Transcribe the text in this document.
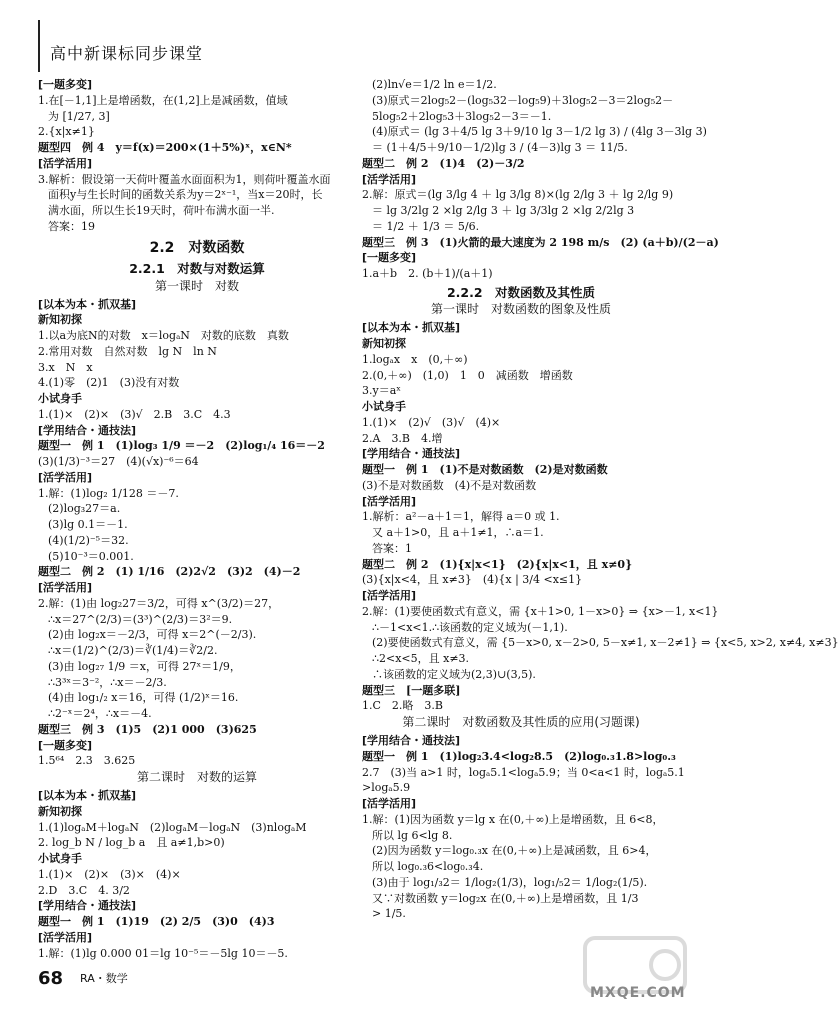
高中新课标同步课堂
[一题多变]
1.在[－1,1]上是增函数，在(1,2]上是减函数，值域
为 [1/27, 3]
2.{x|x≠1}
题型四　例 4　y＝f(x)＝200×(1＋5%)ˣ，x∈N*
[活学活用]
3.解析：假设第一天荷叶覆盖水面面积为1，则荷叶覆盖水面
面积y与生长时间的函数关系为y＝2ˣ⁻¹，当x＝20时，长
满水面，所以生长19天时，荷叶布满水面一半.
答案：19
2.2　对数函数
2.2.1　对数与对数运算
第一课时　对数
[以本为本・抓双基]
新知初探
1.以a为底N的对数　x＝logₐN　对数的底数　真数
2.常用对数　自然对数　lg N　ln N
3.x　N　x
4.(1)零　(2)1　(3)没有对数
小试身手
1.(1)×　(2)×　(3)√　2.B　3.C　4.3
[学用结合・通技法]
题型一　例 1　(1)log₃ 1/9 ＝－2　(2)log₁/₄ 16＝－2
(3)(1/3)⁻³＝27　(4)(√x)⁻⁶＝64
[活学活用]
1.解：(1)log₂ 1/128 ＝－7.
(2)log₃27＝a.
(3)lg 0.1＝－1.
(4)(1/2)⁻⁵＝32.
(5)10⁻³＝0.001.
题型二　例 2　(1) 1/16　(2)2√2　(3)2　(4)－2
[活学活用]
2.解：(1)由 log₂27＝3/2，可得 x^(3/2)＝27，
∴x＝27^(2/3)＝(3³)^(2/3)＝3²＝9.
(2)由 log₂x＝－2/3，可得 x＝2^(－2/3).
∴x＝(1/2)^(2/3)＝∛(1/4)＝∛2/2.
(3)由 log₂₇ 1/9 ＝x，可得 27ˣ＝1/9，
∴3³ˣ＝3⁻²，∴x＝－2/3.
(4)由 log₁/₂ x＝16，可得 (1/2)ˣ＝16.
∴2⁻ˣ＝2⁴，∴x＝－4.
题型三　例 3　(1)5　(2)1 000　(3)625
[一题多变]
1.5⁶⁴　2.3　3.625
第二课时　对数的运算
[以本为本・抓双基]
新知初探
1.(1)logₐM＋logₐN　(2)logₐM－logₐN　(3)nlogₐM
2. log_b N / log_b a　且 a≠1,b>0)
小试身手
1.(1)×　(2)×　(3)×　(4)×
2.D　3.C　4. 3/2
[学用结合・通技法]
题型一　例 1　(1)19　(2) 2/5　(3)0　(4)3
[活学活用]
1.解：(1)lg 0.000 01＝lg 10⁻⁵＝－5lg 10＝－5.
(2)ln√e＝1/2 ln e＝1/2.
(3)原式＝2log₅2－(log₅32－log₅9)＋3log₅2－3＝2log₅2－
5log₅2＋2log₅3＋3log₅2－3＝－1.
(4)原式＝ (lg 3＋4/5 lg 3＋9/10 lg 3－1/2 lg 3) / (4lg 3－3lg 3)
＝ (1＋4/5＋9/10－1/2)lg 3 / (4－3)lg 3 ＝ 11/5.
题型二　例 2　(1)4　(2)－3/2
[活学活用]
2.解：原式＝(lg 3/lg 4 ＋ lg 3/lg 8)×(lg 2/lg 3 ＋ lg 2/lg 9)
＝ lg 3/2lg 2 ×lg 2/lg 3 ＋ lg 3/3lg 2 ×lg 2/2lg 3
＝ 1/2 ＋ 1/3 ＝ 5/6.
题型三　例 3　(1)火箭的最大速度为 2 198 m/s　(2) (a＋b)/(2－a)
[一题多变]
1.a＋b　2. (b＋1)/(a＋1)
2.2.2　对数函数及其性质
第一课时　对数函数的图象及性质
[以本为本・抓双基]
新知初探
1.logₐx　x　(0,＋∞)
2.(0,＋∞)　(1,0)　1　0　减函数　增函数
3.y＝aˣ
小试身手
1.(1)×　(2)√　(3)√　(4)×
2.A　3.B　4.增
[学用结合・通技法]
题型一　例 1　(1)不是对数函数　(2)是对数函数
(3)不是对数函数　(4)不是对数函数
[活学活用]
1.解析：a²－a＋1＝1，解得 a＝0 或 1.
又 a＋1>0，且 a＋1≠1，∴a＝1.
答案：1
题型二　例 2　(1){x|x<1}　(2){x|x<1，且 x≠0}
(3){x|x<4，且 x≠3}　(4){x | 3/4 <x≤1}
[活学活用]
2.解：(1)要使函数式有意义，需 {x＋1>0, 1－x>0} ⇒ {x>－1, x<1}
∴－1<x<1.∴该函数的定义域为(－1,1).
(2)要使函数式有意义，需 {5－x>0, x－2>0, 5－x≠1, x－2≠1} ⇒ {x<5, x>2, x≠4, x≠3}
∴2<x<5，且 x≠3.
∴该函数的定义域为(2,3)∪(3,5).
题型三　[一题多联]
1.C　2.略　3.B
第二课时　对数函数及其性质的应用(习题课)
[学用结合・通技法]
题型一　例 1　(1)log₂3.4<log₂8.5　(2)log₀.₃1.8>log₀.₃
2.7　(3)当 a>1 时，logₐ5.1<logₐ5.9；当 0<a<1 时，logₐ5.1
>logₐ5.9
[活学活用]
1.解：(1)因为函数 y＝lg x 在(0,＋∞)上是增函数，且 6<8，
所以 lg 6<lg 8.
(2)因为函数 y＝log₀.₃x 在(0,＋∞)上是减函数，且 6>4，
所以 log₀.₃6<log₀.₃4.
(3)由于 log₁/₃2＝ 1/log₂(1/3)，log₁/₅2＝ 1/log₂(1/5).
又∵对数函数 y＝log₂x 在(0,＋∞)上是增函数，且 1/3
> 1/5.
68 RA・数学
MXQE.COM
